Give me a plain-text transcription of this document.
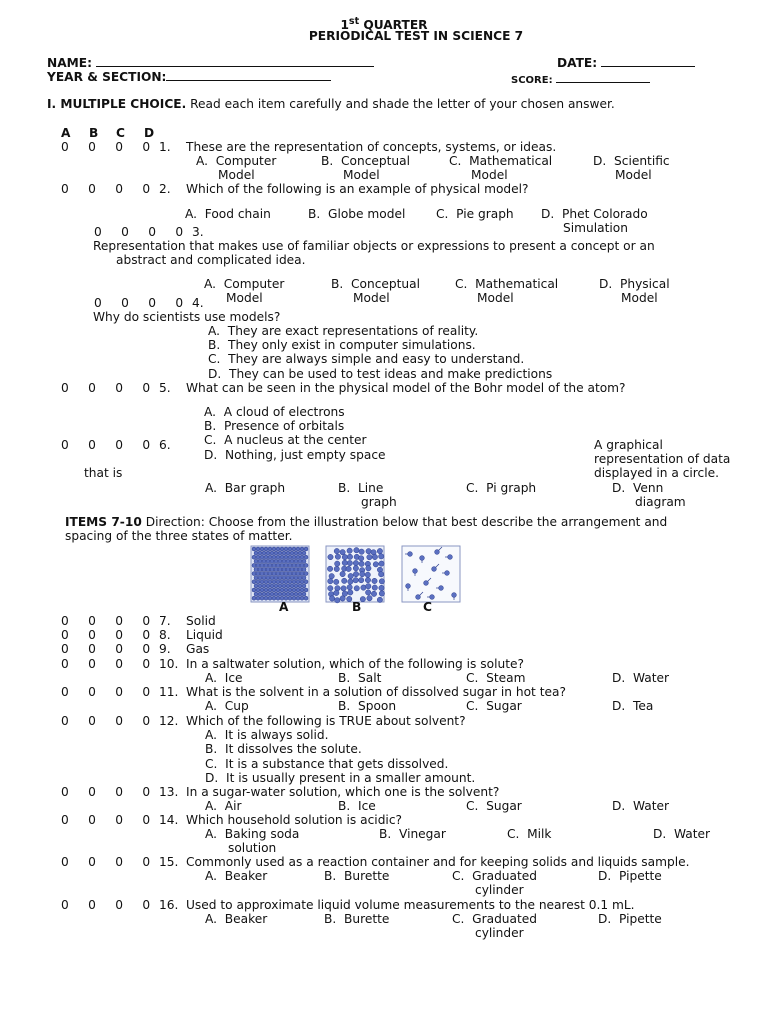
1st QUARTER
PERIODICAL TEST IN SCIENCE 7
NAME:	DATE:
YEAR & SECTION:	SCORE:
I. MULTIPLE CHOICE. Read each item carefully and shade the letter of your chosen answer.
A B C D
0     0     0     0 1. These are the representation of concepts, systems, or ideas.
A. Computer
Model
B. Conceptual
Model
C. Mathematical
Model
D. Scientific
Model
0     0     0     0 2. Which of the following is an example of physical model?
A. Food chain	B. Globe model	C. Pie graph D. Phet Colorado
Simulation
0     0     0     0 3.
Representation that makes use of familiar objects or expressions to present a concept or an
abstract and complicated idea.
A. Computer
Model
B. Conceptual
Model
C. Mathematical
Model
D. Physical
Model
0     0     0     0 4.
Why do scientists use models?
A. They are exact representations of reality.
B. They only exist in computer simulations.
C. They are always simple and easy to understand.
D. They can be used to test ideas and make predictions
0     0     0     0 5. What can be seen in the physical model of the Bohr model of the atom?
A. A cloud of electrons
B. Presence of orbitals
C. A nucleus at the center
D. Nothing, just empty space
0     0     0     0 6.	A graphical
representation of data
displayed in a circle.
that is
A. Bar graph	B. Line
graph
C. Pi graph	D. Venn
diagram
ITEMS 7-10 Direction: Choose from the illustration below that best describe the arrangement and
spacing of the three states of matter.
A	B	C
0     0     0     0 7. Solid
0     0     0     0 8. Liquid
0     0     0     0 9. Gas
0     0     0     0 10. In a saltwater solution, which of the following is solute?
A. Ice	B. Salt	C. Steam	D. Water
0     0     0     0 11. What is the solvent in a solution of dissolved sugar in hot tea?
A. Cup	B. Spoon	C. Sugar	D. Tea
0     0     0     0 12. Which of the following is TRUE about solvent?
A. It is always solid.
B. It dissolves the solute.
C. It is a substance that gets dissolved.
D. It is usually present in a smaller amount.
0     0     0     0 13. In a sugar-water solution, which one is the solvent?
A. Air	B. Ice	C. Sugar	D. Water
0     0     0     0 14. Which household solution is acidic?
A. Baking soda
solution
B. Vinegar	C. Milk	D. Water
0     0     0     0 15. Commonly used as a reaction container and for keeping solids and liquids sample.
A. Beaker	B. Burette	C. Graduated
cylinder
D. Pipette
0     0     0     0 16. Used to approximate liquid volume measurements to the nearest 0.1 mL.
A. Beaker	B. Burette	C. Graduated
cylinder
D. Pipette
